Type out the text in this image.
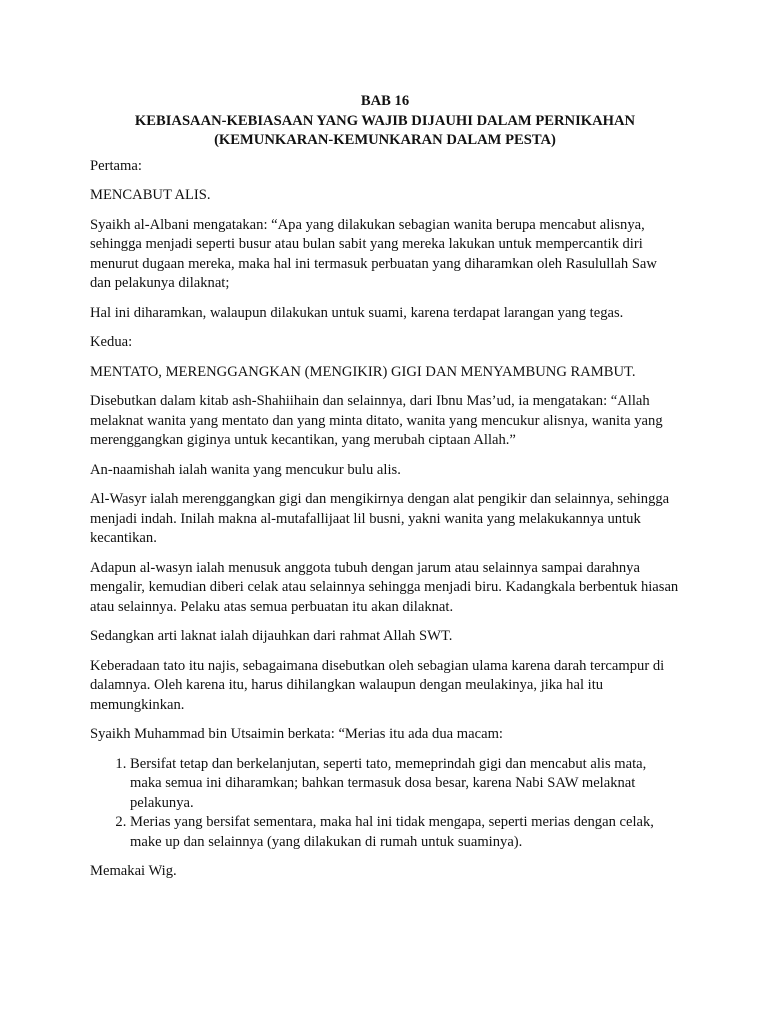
BAB 16
KEBIASAAN-KEBIASAAN YANG WAJIB DIJAUHI DALAM PERNIKAHAN
(KEMUNKARAN-KEMUNKARAN DALAM PESTA)

Pertama:

MENCABUT ALIS.

Syaikh al-Albani mengatakan: “Apa yang dilakukan sebagian wanita berupa mencabut alisnya, sehingga menjadi seperti busur atau bulan sabit yang mereka lakukan untuk mempercantik diri menurut dugaan mereka, maka hal ini termasuk perbuatan yang diharamkan oleh Rasulullah Saw dan pelakunya dilaknat;

Hal ini diharamkan, walaupun dilakukan untuk suami, karena terdapat larangan yang tegas.

Kedua:

MENTATO, MERENGGANGKAN (MENGIKIR) GIGI DAN MENYAMBUNG RAMBUT.

Disebutkan dalam kitab ash-Shahiihain dan selainnya, dari Ibnu Mas’ud, ia mengatakan: “Allah melaknat wanita yang mentato dan yang minta ditato, wanita yang mencukur alisnya, wanita yang merenggangkan giginya untuk kecantikan, yang merubah ciptaan Allah.”

An-naamishah ialah wanita yang mencukur bulu alis.

Al-Wasyr ialah merenggangkan gigi dan mengikirnya dengan alat pengikir dan selainnya, sehingga menjadi indah. Inilah makna al-mutafallijaat lil busni, yakni wanita yang melakukannya untuk kecantikan.

Adapun al-wasyn ialah menusuk anggota tubuh dengan jarum atau selainnya sampai darahnya mengalir, kemudian diberi celak atau selainnya sehingga menjadi biru. Kadangkala berbentuk hiasan atau selainnya. Pelaku atas semua perbuatan itu akan dilaknat.

Sedangkan arti laknat ialah dijauhkan dari rahmat Allah SWT.

Keberadaan tato itu najis, sebagaimana disebutkan oleh sebagian ulama karena darah tercampur di dalamnya. Oleh karena itu, harus dihilangkan walaupun dengan meulakinya, jika hal itu memungkinkan.

Syaikh Muhammad bin Utsaimin berkata: “Merias itu ada dua macam:

1. Bersifat tetap dan berkelanjutan, seperti tato, memeprindah gigi dan mencabut alis mata, maka semua ini diharamkan; bahkan termasuk dosa besar, karena Nabi SAW melaknat pelakunya.
2. Merias yang bersifat sementara, maka hal ini tidak mengapa, seperti merias dengan celak, make up dan selainnya (yang dilakukan di rumah untuk suaminya).

Memakai Wig.
